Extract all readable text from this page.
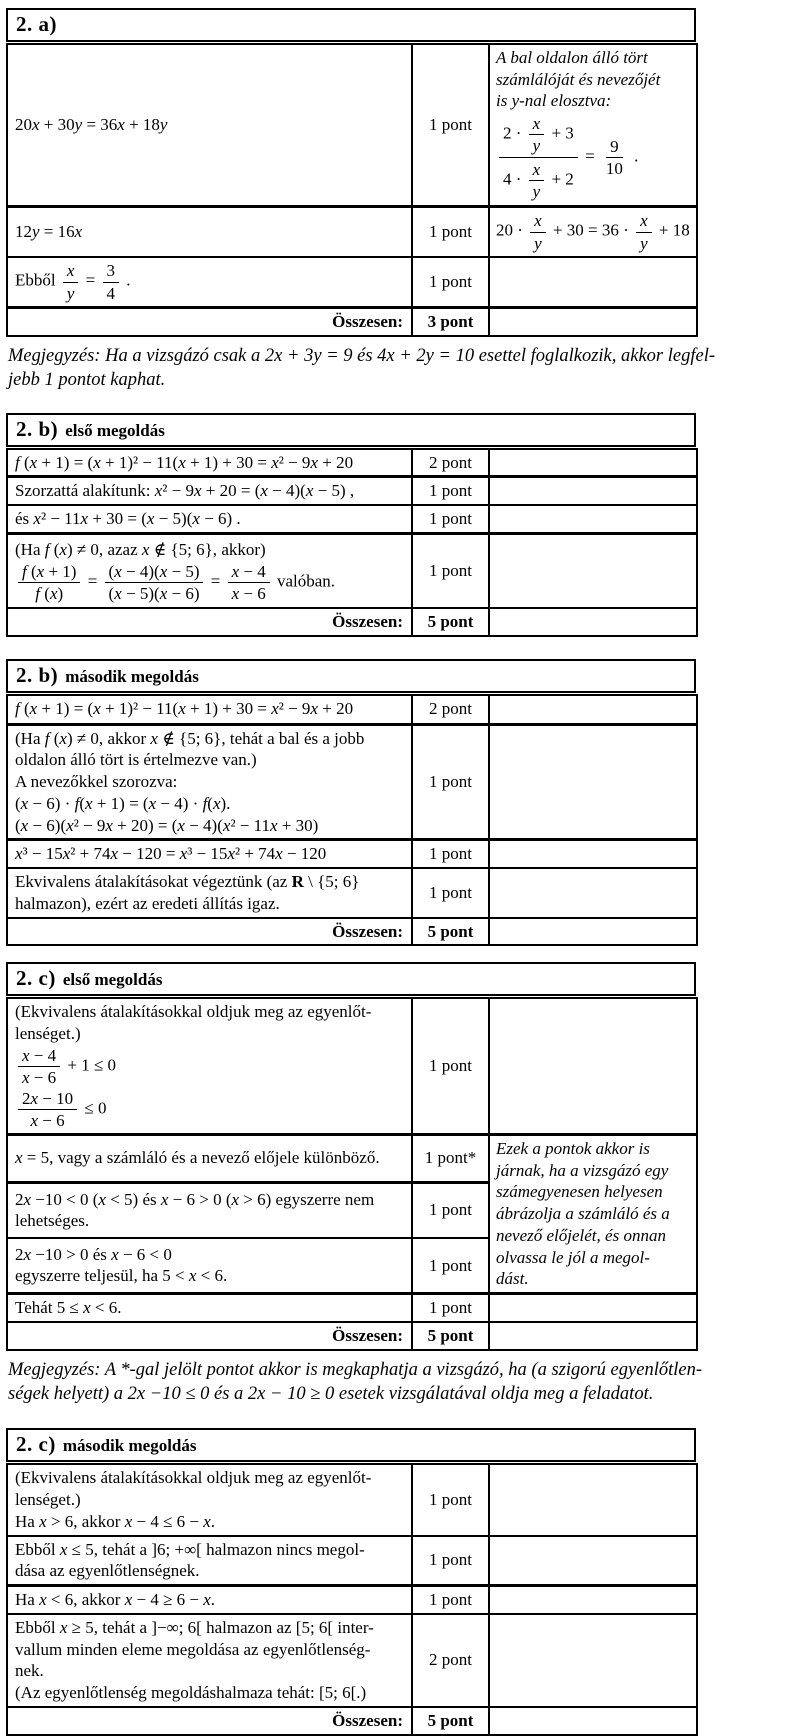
2. a)
20x + 30y = 36x + 18y	1 pont	A bal oldalon álló tört
számlálóját és nevezőjét
is y-nal elosztva:

$\frac{2 \cdot \frac{x}{y} + 3}{4 \cdot \frac{x}{y} + 2} = \frac{9}{10}$ .
12y = 16x	1 pont	$20 \cdot \frac{x}{y} + 30 = 36 \cdot \frac{x}{y} + 18$
Ebből $\frac{x}{y} = \frac{3}{4}$ .	1 pont	
Összesen:	3 pont	

Megjegyzés: Ha a vizsgázó csak a 2x + 3y = 9 és 4x + 2y = 10 esettel foglalkozik, akkor legfel-
jebb 1 pontot kaphat.

2. b) első megoldás
f (x + 1) = (x + 1)² − 11(x + 1) + 30 = x² − 9x + 20	2 pont	
Szorzattá alakítunk: x² − 9x + 20 = (x − 4)(x − 5) ,	1 pont	
és x² − 11x + 30 = (x − 5)(x − 6) .	1 pont	
(Ha f (x) ≠ 0, azaz x ∉ {5; 6}, akkor)

$\frac{f (x + 1)}{f (x)} = \frac{(x - 4)(x - 5)}{(x - 5)(x - 6)} = \frac{x - 4}{x - 6}$ valóban.	1 pont	
Összesen:	5 pont	
2. b) második megoldás
f (x + 1) = (x + 1)² − 11(x + 1) + 30 = x² − 9x + 20	2 pont	
(Ha f (x) ≠ 0, akkor x ∉ {5; 6}, tehát a bal és a jobb
oldalon álló tört is értelmezve van.)
A nevezőkkel szorozva:
(x − 6) · f(x + 1) = (x − 4) · f(x).
(x − 6)(x² − 9x + 20) = (x − 4)(x² − 11x + 30)	1 pont	
x³ − 15x² + 74x − 120 = x³ − 15x² + 74x − 120	1 pont	
Ekvivalens átalakításokat végeztünk (az R \ {5; 6}
halmazon), ezért az eredeti állítás igaz.	1 pont	
Összesen:	5 pont	
2. c) első megoldás
(Ekvivalens átalakításokkal oldjuk meg az egyenlőt-
lenséget.)

$\frac{x - 4}{x - 6} + 1 \le 0$

$\frac{2x - 10}{x - 6} \le 0$	1 pont	
x = 5, vagy a számláló és a nevező előjele különböző.	1 pont*	Ezek a pontok akkor is
járnak, ha a vizsgázó egy
számegyenesen helyesen
ábrázolja a számláló és a
nevező előjelét, és onnan
olvassa le jól a megol-
dást.
2x −10 < 0 (x < 5) és x − 6 > 0 (x > 6) egyszerre nem
lehetséges.	1 pont	
2x −10 > 0 és x − 6 < 0
egyszerre teljesül, ha 5 < x < 6.	1 pont	
Tehát 5 ≤ x < 6.	1 pont	
Összesen:	5 pont	

Megjegyzés: A *-gal jelölt pontot akkor is megkaphatja a vizsgázó, ha (a szigorú egyenlőtlen-
ségek helyett) a 2x −10 ≤ 0 és a 2x − 10 ≥ 0 esetek vizsgálatával oldja meg a feladatot.

2. c) második megoldás
(Ekvivalens átalakításokkal oldjuk meg az egyenlőt-
lenséget.)
Ha x > 6, akkor x − 4 ≤ 6 − x.	1 pont	
Ebből x ≤ 5, tehát a ]6; +∞[ halmazon nincs megol-
dása az egyenlőtlenségnek.	1 pont	
Ha x < 6, akkor x − 4 ≥ 6 − x.	1 pont	
Ebből x ≥ 5, tehát a ]−∞; 6[ halmazon az [5; 6[ inter-
vallum minden eleme megoldása az egyenlőtlenség-
nek.
(Az egyenlőtlenség megoldáshalmaza tehát: [5; 6[.)	2 pont	
Összesen:	5 pont	
